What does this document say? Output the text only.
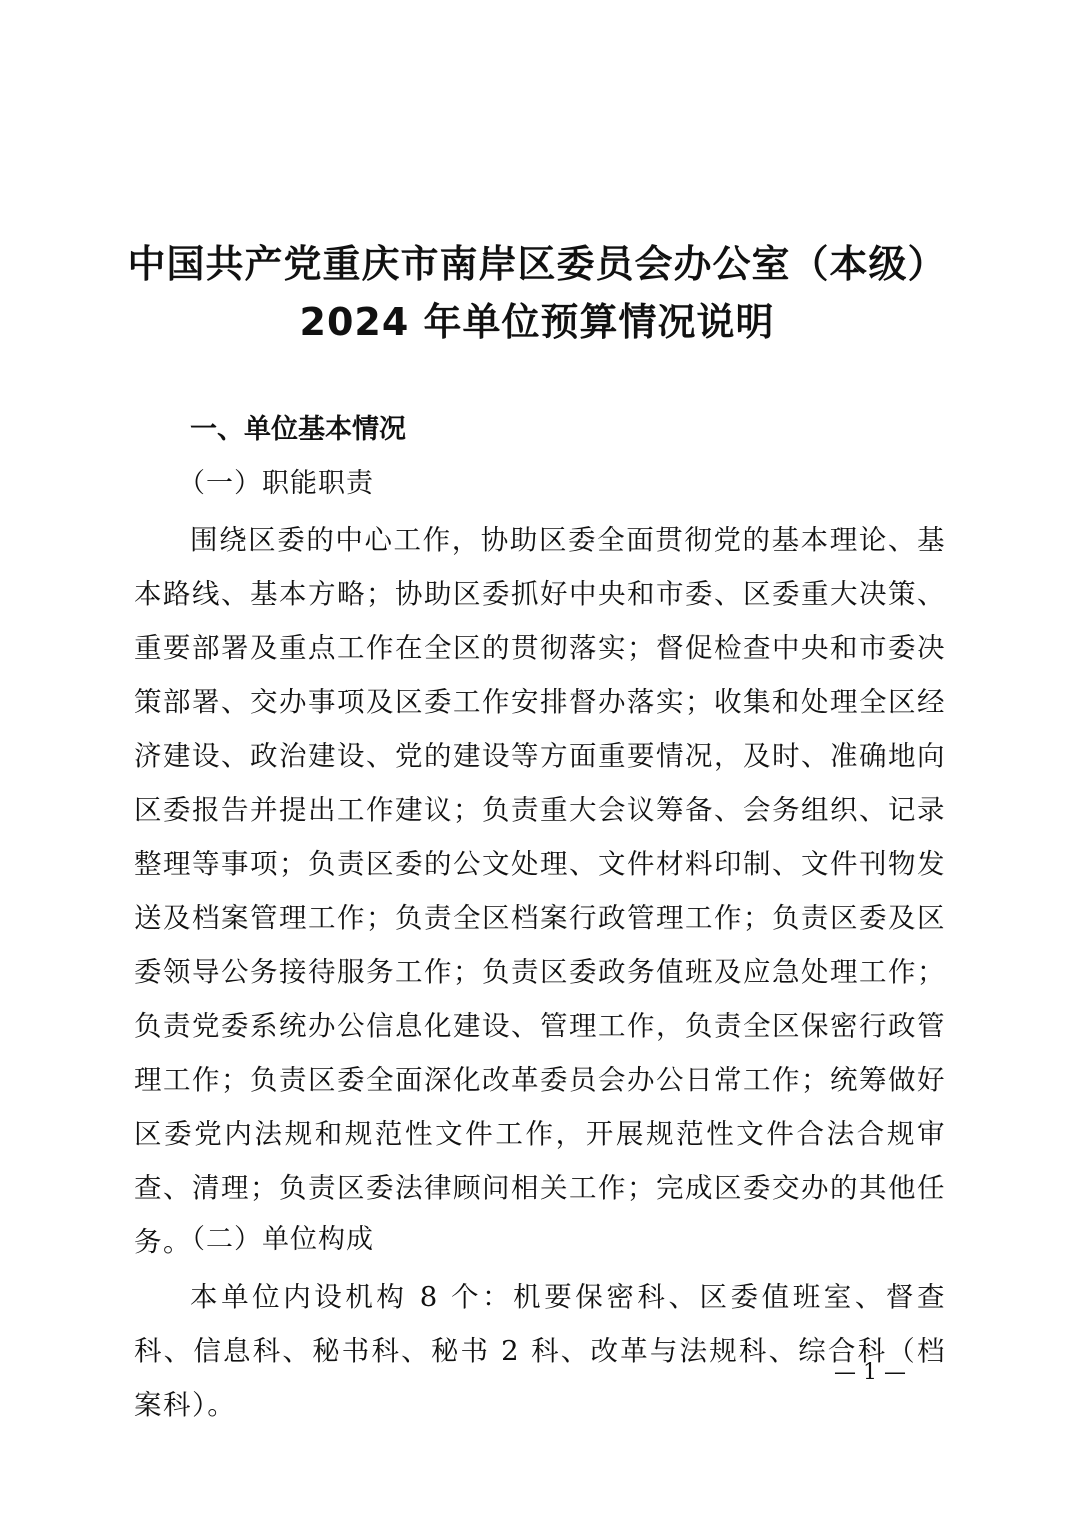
中国共产党重庆市南岸区委员会办公室（本级）
2024 年单位预算情况说明
一、单位基本情况
（一）职能职责
围绕区委的中心工作，协助区委全面贯彻党的基本理论、基本路线、基本方略；协助区委抓好中央和市委、区委重大决策、重要部署及重点工作在全区的贯彻落实；督促检查中央和市委决策部署、交办事项及区委工作安排督办落实；收集和处理全区经济建设、政治建设、党的建设等方面重要情况，及时、准确地向区委报告并提出工作建议；负责重大会议筹备、会务组织、记录整理等事项；负责区委的公文处理、文件材料印制、文件刊物发送及档案管理工作；负责全区档案行政管理工作；负责区委及区委领导公务接待服务工作；负责区委政务值班及应急处理工作；负责党委系统办公信息化建设、管理工作，负责全区保密行政管理工作；负责区委全面深化改革委员会办公日常工作；统筹做好区委党内法规和规范性文件工作，开展规范性文件合法合规审查、清理；负责区委法律顾问相关工作；完成区委交办的其他任务。
（二）单位构成
本单位内设机构 8 个：机要保密科、区委值班室、督查科、信息科、秘书科、秘书 2 科、改革与法规科、综合科（档案科）。
— 1 —
